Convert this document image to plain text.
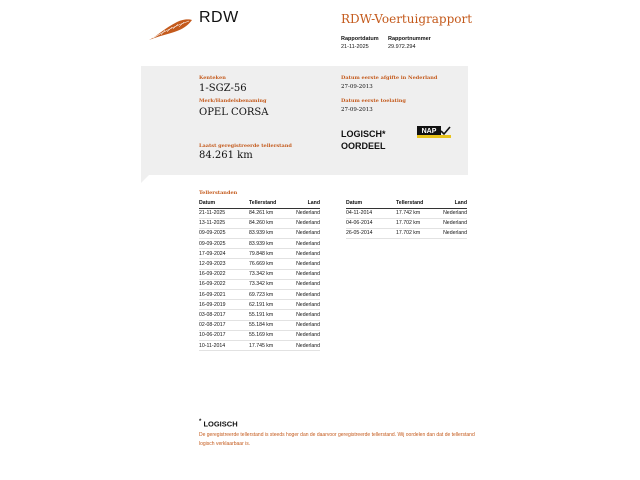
RDW	RDW-Voertuigrapport
Rapportdatum
21-11-2025
Rapportnummer
29.972.294
Kenteken
1-SGZ-56
Merk/Handelsbenaming
OPEL CORSA
Laatst geregistreerde tellerstand
84.261 km
Datum eerste afgifte in Nederland
27-09-2013
Datum eerste toelating
27-09-2013
LOGISCH*
OORDEEL
NAP
Tellerstanden
Datum	Tellerstand	Land
21-11-2025	84.261 km	Nederland
13-11-2025	84.260 km	Nederland
09-09-2025	83.939 km	Nederland
09-09-2025	83.939 km	Nederland
17-09-2024	79.848 km	Nederland
12-09-2023	76.669 km	Nederland
16-09-2022	73.342 km	Nederland
16-09-2022	73.342 km	Nederland
16-09-2021	69.723 km	Nederland
16-09-2019	62.191 km	Nederland
03-08-2017	55.191 km	Nederland
02-08-2017	55.184 km	Nederland
10-06-2017	55.169 km	Nederland
10-11-2014	17.745 km	Nederland
Datum	Tellerstand	Land
04-11-2014	17.742 km	Nederland
04-06-2014	17.702 km	Nederland
26-05-2014	17.702 km	Nederland
* LOGISCH
De geregistreerde tellerstand is steeds hoger dan de daarvoor geregistreerde tellerstand. Wij oordelen dan dat de tellerstand logisch verklaarbaar is.
